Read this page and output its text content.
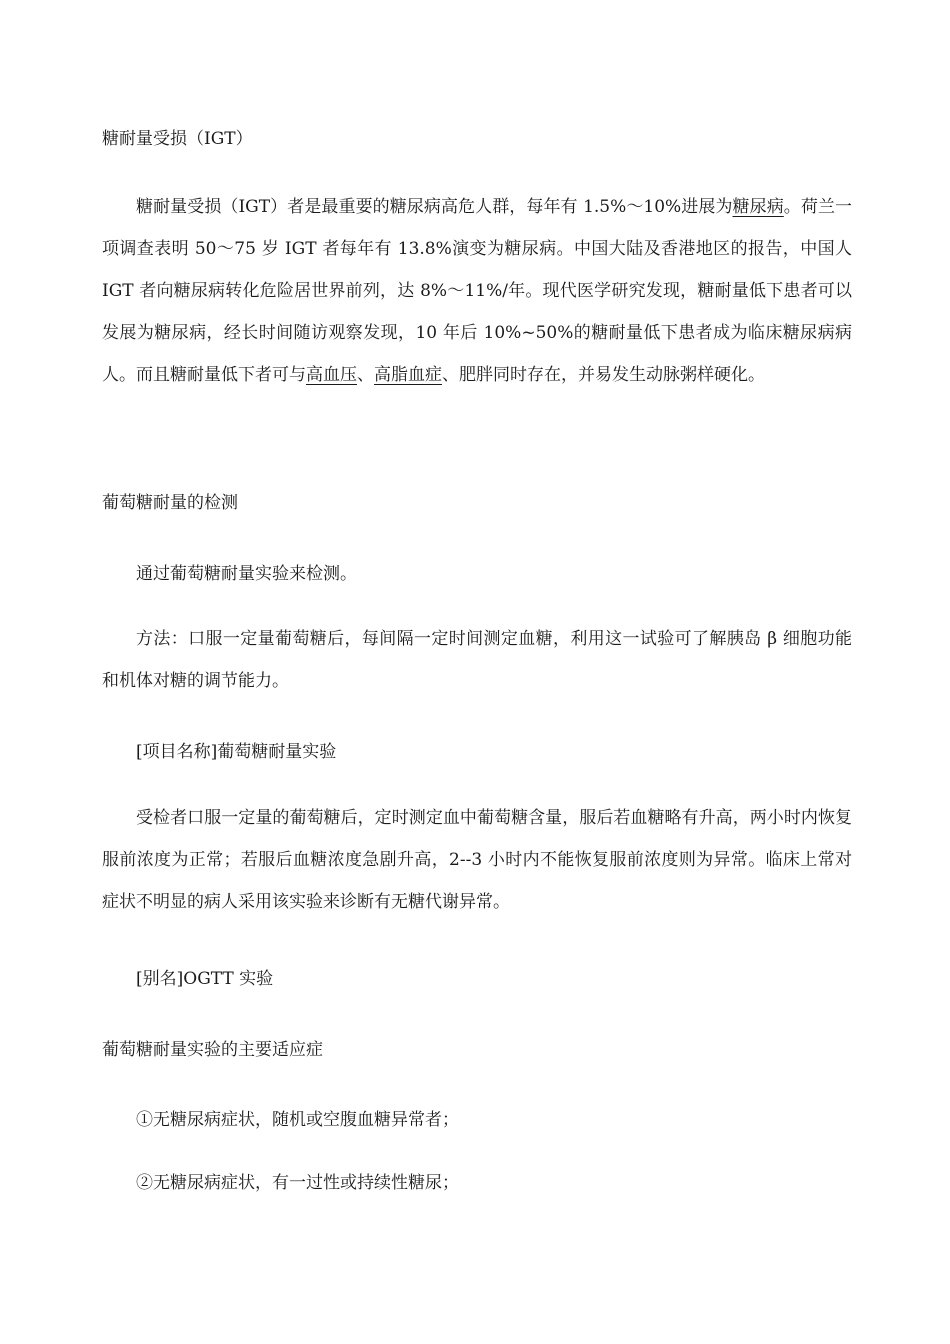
糖耐量受损（IGT）

糖耐量受损（IGT）者是最重要的糖尿病高危人群，每年有 1.5%～10%进展为糖尿病。荷兰一项调查表明 50～75 岁 IGT 者每年有 13.8%演变为糖尿病。中国大陆及香港地区的报告，中国人 IGT 者向糖尿病转化危险居世界前列，达 8%～11%/年。现代医学研究发现，糖耐量低下患者可以发展为糖尿病，经长时间随访观察发现，10 年后 10%~50%的糖耐量低下患者成为临床糖尿病病人。而且糖耐量低下者可与高血压、高脂血症、肥胖同时存在，并易发生动脉粥样硬化。

葡萄糖耐量的检测

通过葡萄糖耐量实验来检测。

方法：口服一定量葡萄糖后，每间隔一定时间测定血糖，利用这一试验可了解胰岛 β 细胞功能和机体对糖的调节能力。

[项目名称]葡萄糖耐量实验

受检者口服一定量的葡萄糖后，定时测定血中葡萄糖含量，服后若血糖略有升高，两小时内恢复服前浓度为正常；若服后血糖浓度急剧升高，2--3 小时内不能恢复服前浓度则为异常。临床上常对症状不明显的病人采用该实验来诊断有无糖代谢异常。

[别名]OGTT 实验

葡萄糖耐量实验的主要适应症

①无糖尿病症状，随机或空腹血糖异常者；

②无糖尿病症状，有一过性或持续性糖尿；
